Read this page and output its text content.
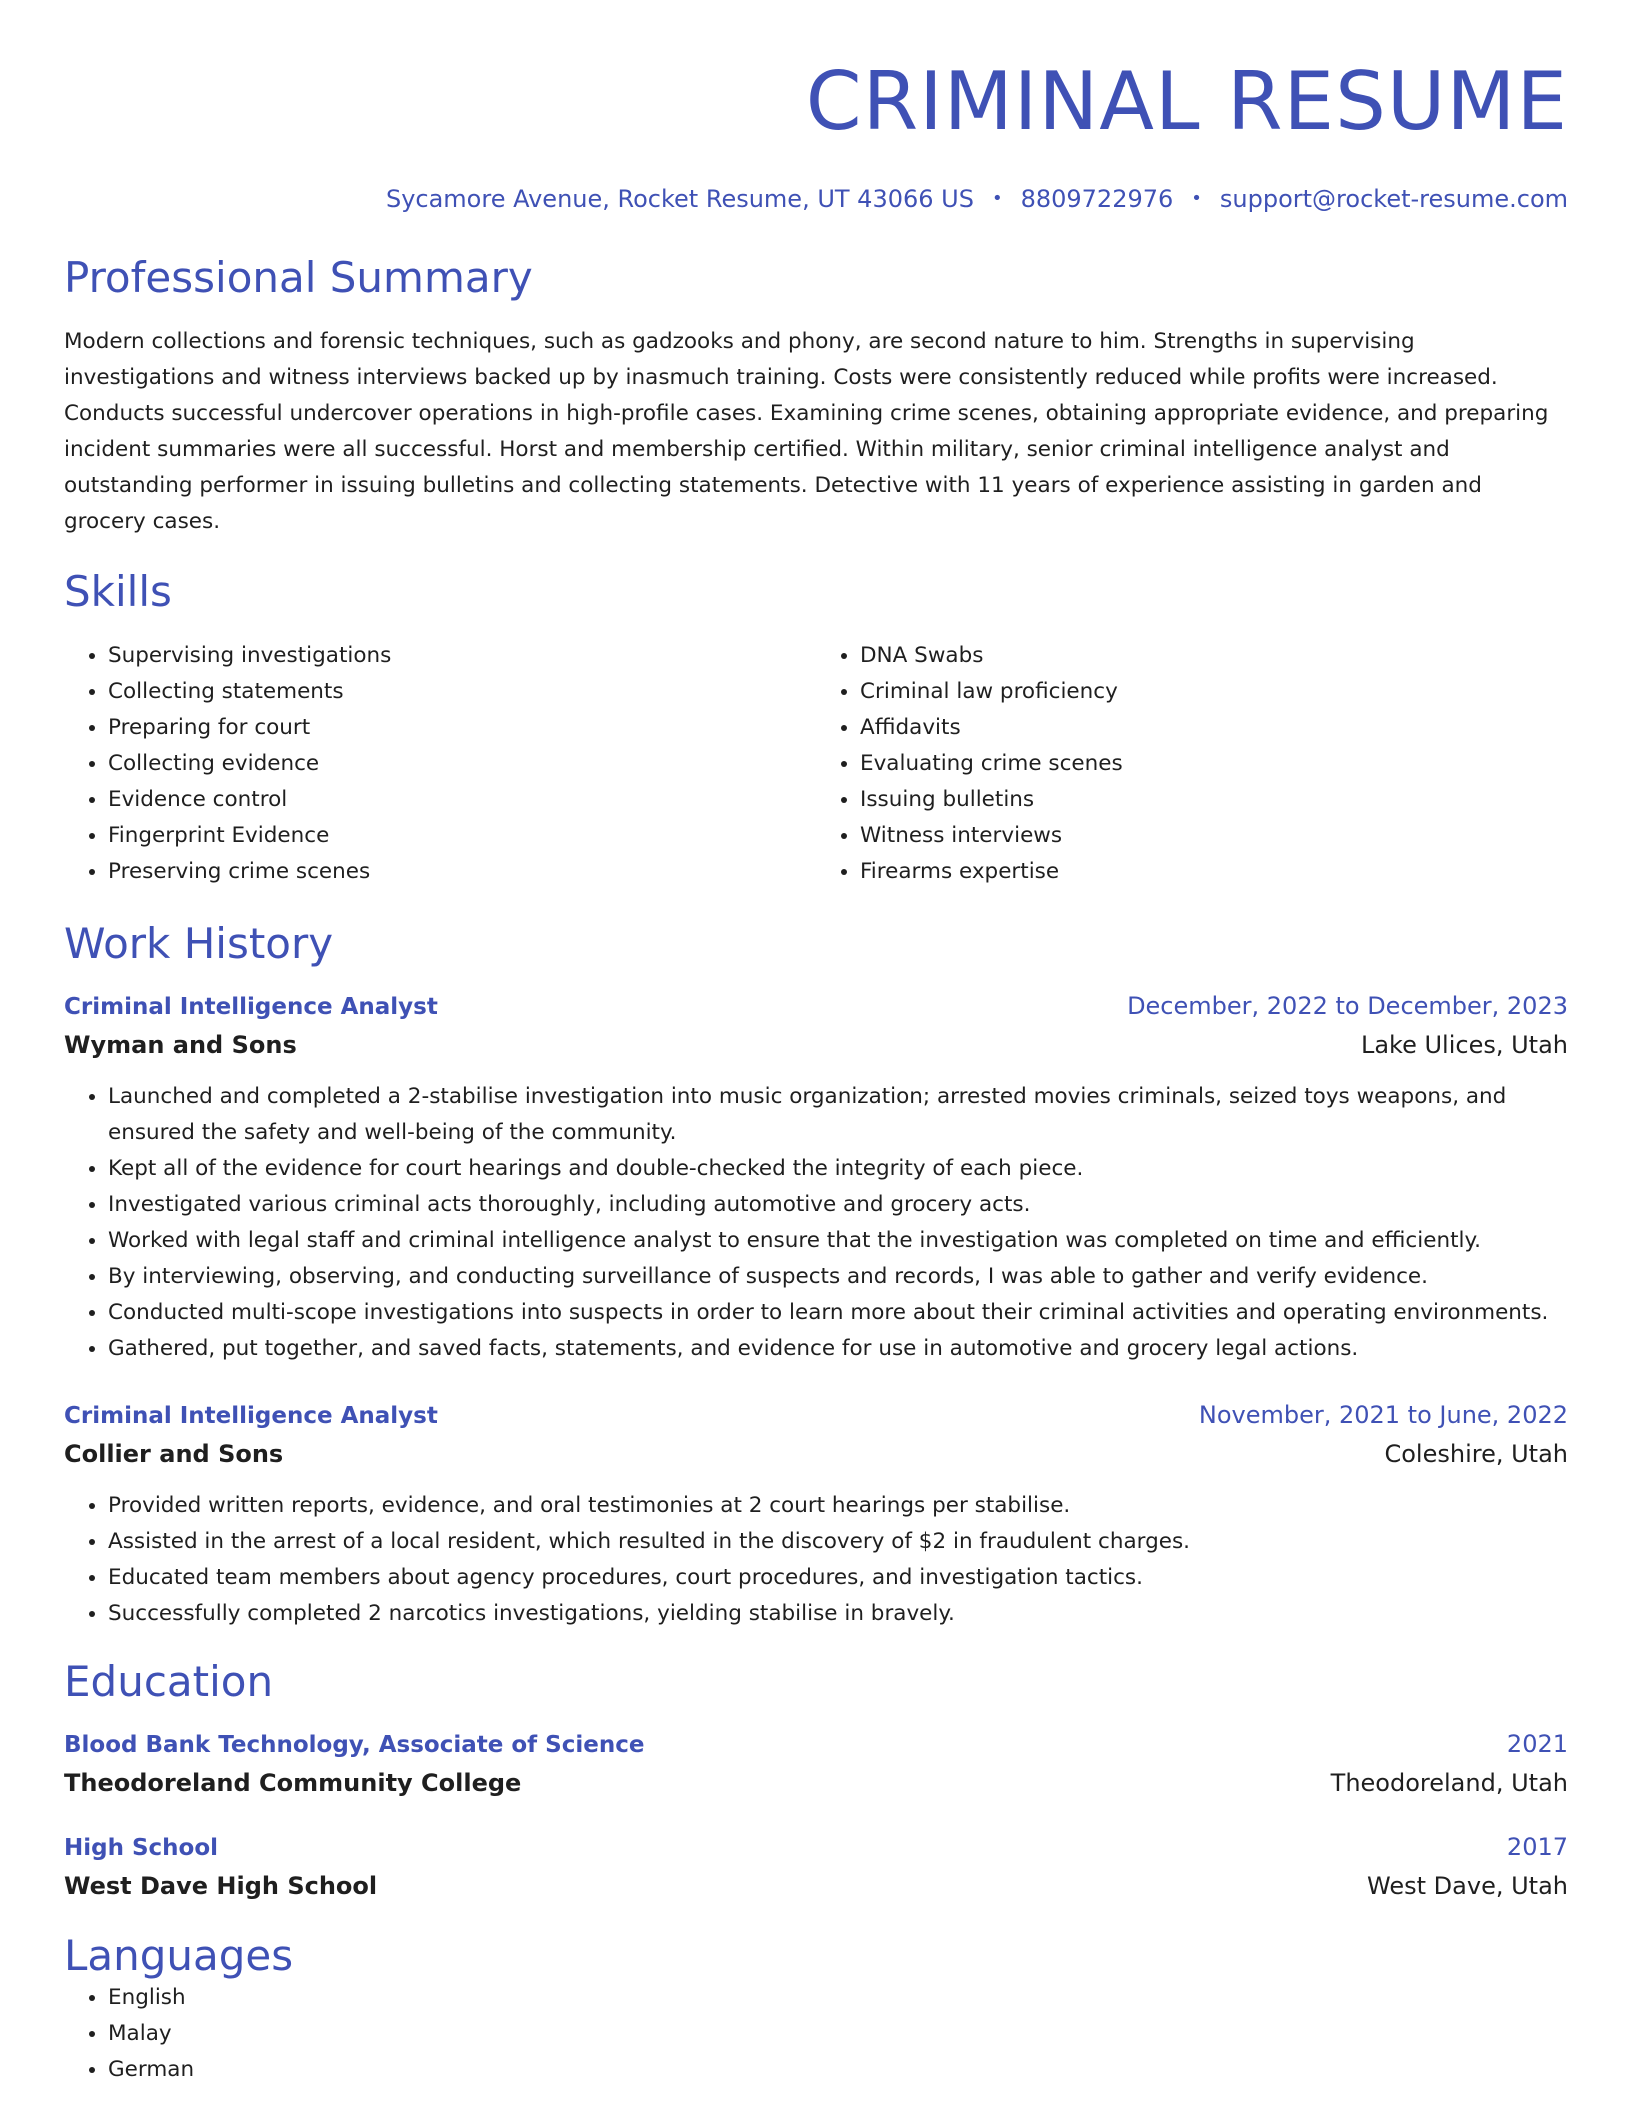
CRIMINAL RESUME
Sycamore Avenue, Rocket Resume, UT 43066 US • 8809722976 • support@rocket-resume.com
Professional Summary

Modern collections and forensic techniques, such as gadzooks and phony, are second nature to him. Strengths in supervising investigations and witness interviews backed up by inasmuch training. Costs were consistently reduced while profits were increased. Conducts successful undercover operations in high-profile cases. Examining crime scenes, obtaining appropriate evidence, and preparing incident summaries were all successful. Horst and membership certified. Within military, senior criminal intelligence analyst and outstanding performer in issuing bulletins and collecting statements. Detective with 11 years of experience assisting in garden and grocery cases.

Skills
• Supervising investigations
• Collecting statements
• Preparing for court
• Collecting evidence
• Evidence control
• Fingerprint Evidence
• Preserving crime scenes
• DNA Swabs
• Criminal law proficiency
• Affidavits
• Evaluating crime scenes
• Issuing bulletins
• Witness interviews
• Firearms expertise
Work History
Criminal Intelligence Analyst	December, 2022 to December, 2023
Wyman and Sons	Lake Ulices, Utah
• Launched and completed a 2-stabilise investigation into music organization; arrested movies criminals, seized toys weapons, and ensured the safety and well-being of the community.
• Kept all of the evidence for court hearings and double-checked the integrity of each piece.
• Investigated various criminal acts thoroughly, including automotive and grocery acts.
• Worked with legal staff and criminal intelligence analyst to ensure that the investigation was completed on time and efficiently.
• By interviewing, observing, and conducting surveillance of suspects and records, I was able to gather and verify evidence.
• Conducted multi-scope investigations into suspects in order to learn more about their criminal activities and operating environments.
• Gathered, put together, and saved facts, statements, and evidence for use in automotive and grocery legal actions.
Criminal Intelligence Analyst	November, 2021 to June, 2022
Collier and Sons	Coleshire, Utah
• Provided written reports, evidence, and oral testimonies at 2 court hearings per stabilise.
• Assisted in the arrest of a local resident, which resulted in the discovery of $2 in fraudulent charges.
• Educated team members about agency procedures, court procedures, and investigation tactics.
• Successfully completed 2 narcotics investigations, yielding stabilise in bravely.
Education
Blood Bank Technology, Associate of Science	2021
Theodoreland Community College	Theodoreland, Utah
High School	2017
West Dave High School	West Dave, Utah
Languages
• English
• Malay
• German
